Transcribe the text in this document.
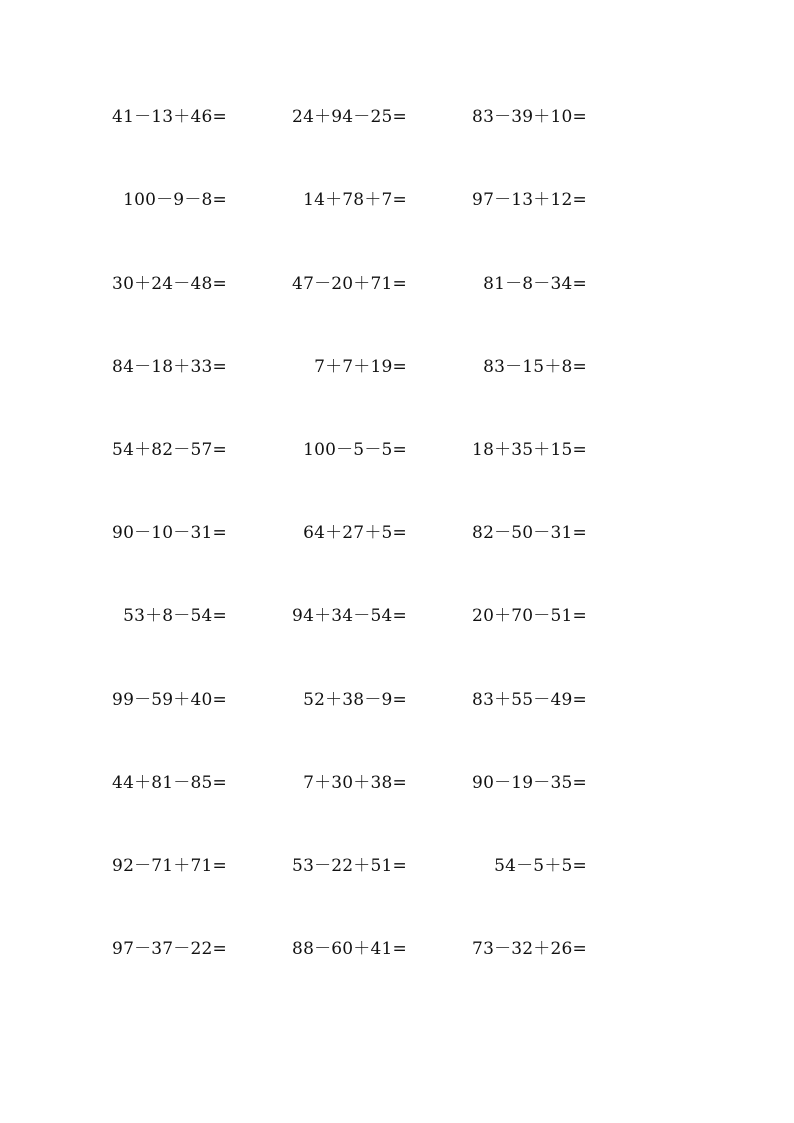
41－13＋46=	24＋94－25=	83－39＋10=
100－9－8=	14＋78＋7=	97－13＋12=
30＋24－48=	47－20＋71=	81－8－34=
84－18＋33=	7＋7＋19=	83－15＋8=
54＋82－57=	100－5－5=	18＋35＋15=
90－10－31=	64＋27＋5=	82－50－31=
53＋8－54=	94＋34－54=	20＋70－51=
99－59＋40=	52＋38－9=	83＋55－49=
44＋81－85=	7＋30＋38=	90－19－35=
92－71＋71=	53－22＋51=	54－5＋5=
97－37－22=	88－60＋41=	73－32＋26=
